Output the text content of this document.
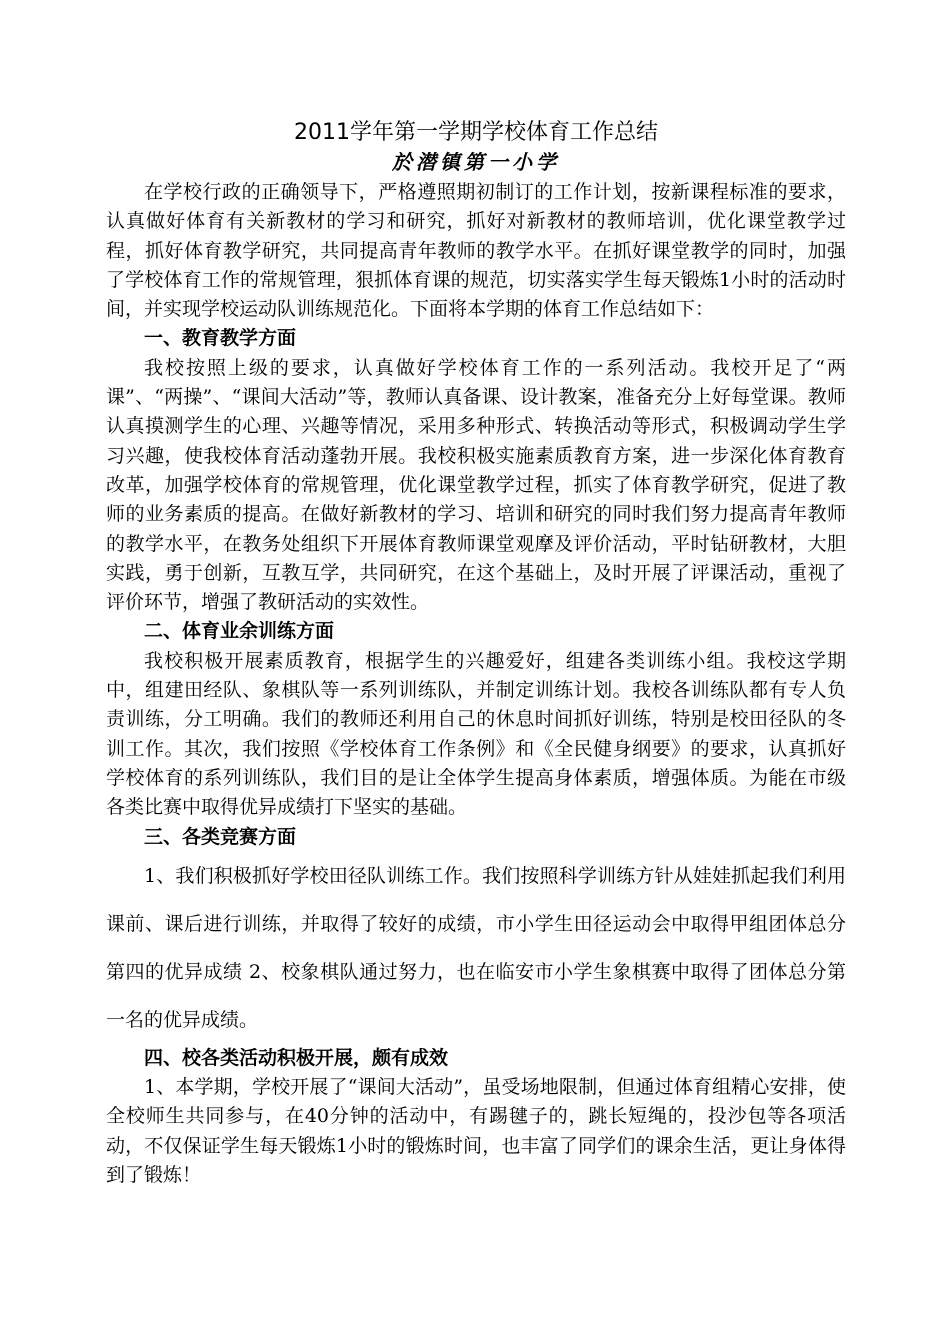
2011学年第一学期学校体育工作总结
於潜镇第一小学

在学校行政的正确领导下，严格遵照期初制订的工作计划，按新课程标准的要求，认真做好体育有关新教材的学习和研究，抓好对新教材的教师培训，优化课堂教学过程，抓好体育教学研究，共同提高青年教师的教学水平。在抓好课堂教学的同时，加强了学校体育工作的常规管理，狠抓体育课的规范，切实落实学生每天锻炼1小时的活动时间，并实现学校运动队训练规范化。下面将本学期的体育工作总结如下：

一、教育教学方面

我校按照上级的要求，认真做好学校体育工作的一系列活动。我校开足了“两课”、“两操”、“课间大活动”等，教师认真备课、设计教案，准备充分上好每堂课。教师认真摸测学生的心理、兴趣等情况，采用多种形式、转换活动等形式，积极调动学生学习兴趣，使我校体育活动蓬勃开展。我校积极实施素质教育方案，进一步深化体育教育改革，加强学校体育的常规管理，优化课堂教学过程，抓实了体育教学研究，促进了教师的业务素质的提高。在做好新教材的学习、培训和研究的同时我们努力提高青年教师的教学水平，在教务处组织下开展体育教师课堂观摩及评价活动，平时钻研教材，大胆实践，勇于创新，互教互学，共同研究，在这个基础上，及时开展了评课活动，重视了评价环节，增强了教研活动的实效性。

二、体育业余训练方面

我校积极开展素质教育，根据学生的兴趣爱好，组建各类训练小组。我校这学期中，组建田经队、象棋队等一系列训练队，并制定训练计划。我校各训练队都有专人负责训练，分工明确。我们的教师还利用自己的休息时间抓好训练，特别是校田径队的冬训工作。其次，我们按照《学校体育工作条例》和《全民健身纲要》的要求，认真抓好学校体育的系列训练队，我们目的是让全体学生提高身体素质，增强体质。为能在市级各类比赛中取得优异成绩打下坚实的基础。

三、各类竞赛方面

1、我们积极抓好学校田径队训练工作。我们按照科学训练方针从娃娃抓起我们利用课前、课后进行训练，并取得了较好的成绩，市小学生田径运动会中取得甲组团体总分第四的优异成绩 2、校象棋队通过努力，也在临安市小学生象棋赛中取得了团体总分第一名的优异成绩。

四、校各类活动积极开展，颇有成效

1、本学期，学校开展了“课间大活动”，虽受场地限制，但通过体育组精心安排，使全校师生共同参与，在40分钟的活动中，有踢毽子的，跳长短绳的，投沙包等各项活动，不仅保证学生每天锻炼1小时的锻炼时间，也丰富了同学们的课余生活，更让身体得到了锻炼！
